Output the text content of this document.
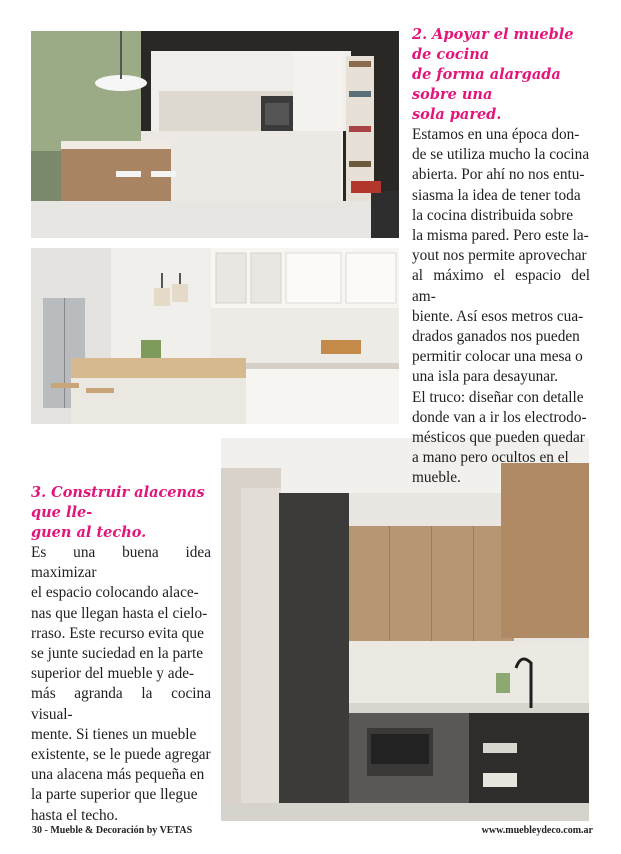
2. Apoyar el mueble de cocina
de forma alargada sobre una
sola pared.

Estamos en una época don-
de se utiliza mucho la cocina
abierta. Por ahí no nos entu-
siasma la idea de tener toda
la cocina distribuida sobre
la misma pared. Pero este la-
yout nos permite aprovechar
al máximo el espacio del am-
biente. Así esos metros cua-
drados ganados nos pueden
permitir colocar una mesa o
una isla para desayunar.
El truco: diseñar con detalle
donde van a ir los electrodo-
mésticos que pueden quedar
a mano pero ocultos en el
mueble.

3. Construir alacenas que lle-
guen al techo.

Es una buena idea maximizar
el espacio colocando alace-
nas que llegan hasta el cielo-
rraso. Este recurso evita que
se junte suciedad en la parte
superior del mueble y ade-
más agranda la cocina visual-
mente. Si tienes un mueble
existente, se le puede agregar
una alacena más pequeña en
la parte superior que llegue
hasta el techo.

30 - Mueble & Decoración by VETAS	www.muebleydeco.com.ar
